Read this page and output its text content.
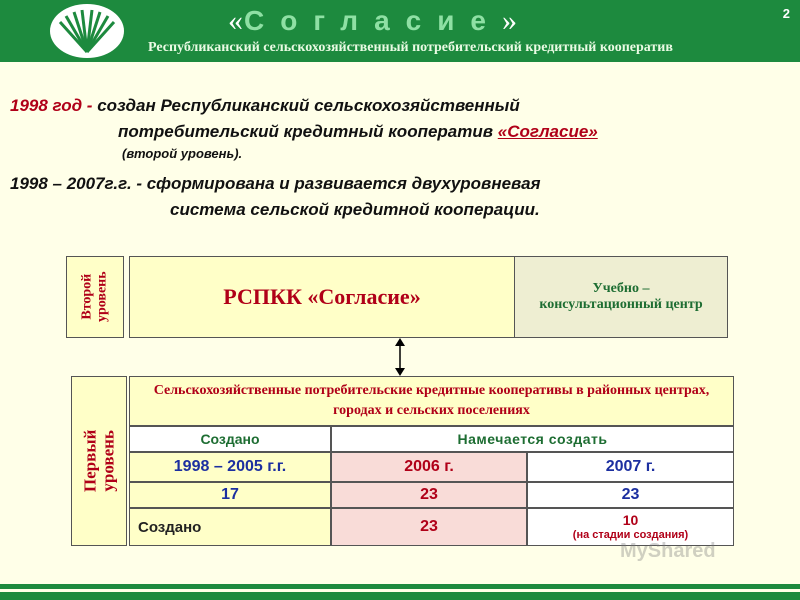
«Согласие»
Республиканский сельскохозяйственный потребительский кредитный кооператив
2
1998 год - создан Республиканский сельскохозяйственный
потребительский кредитный кооператив «Согласие»
(второй уровень).
1998 – 2007г.г. - сформирована и развивается двухуровневая
система сельской кредитной кооперации.
Второй уровень	РСПКК «Согласие»	Учебно – консультационный центр
Первый уровень
Сельскохозяйственные потребительские кредитные кооперативы в районных центрах, городах и сельских поселениях
Создано	Намечается создать
1998 – 2005 г.г.	2006 г.	2007 г.
17	23	23
Создано	23	10
(на стадии создания)
MyShared
